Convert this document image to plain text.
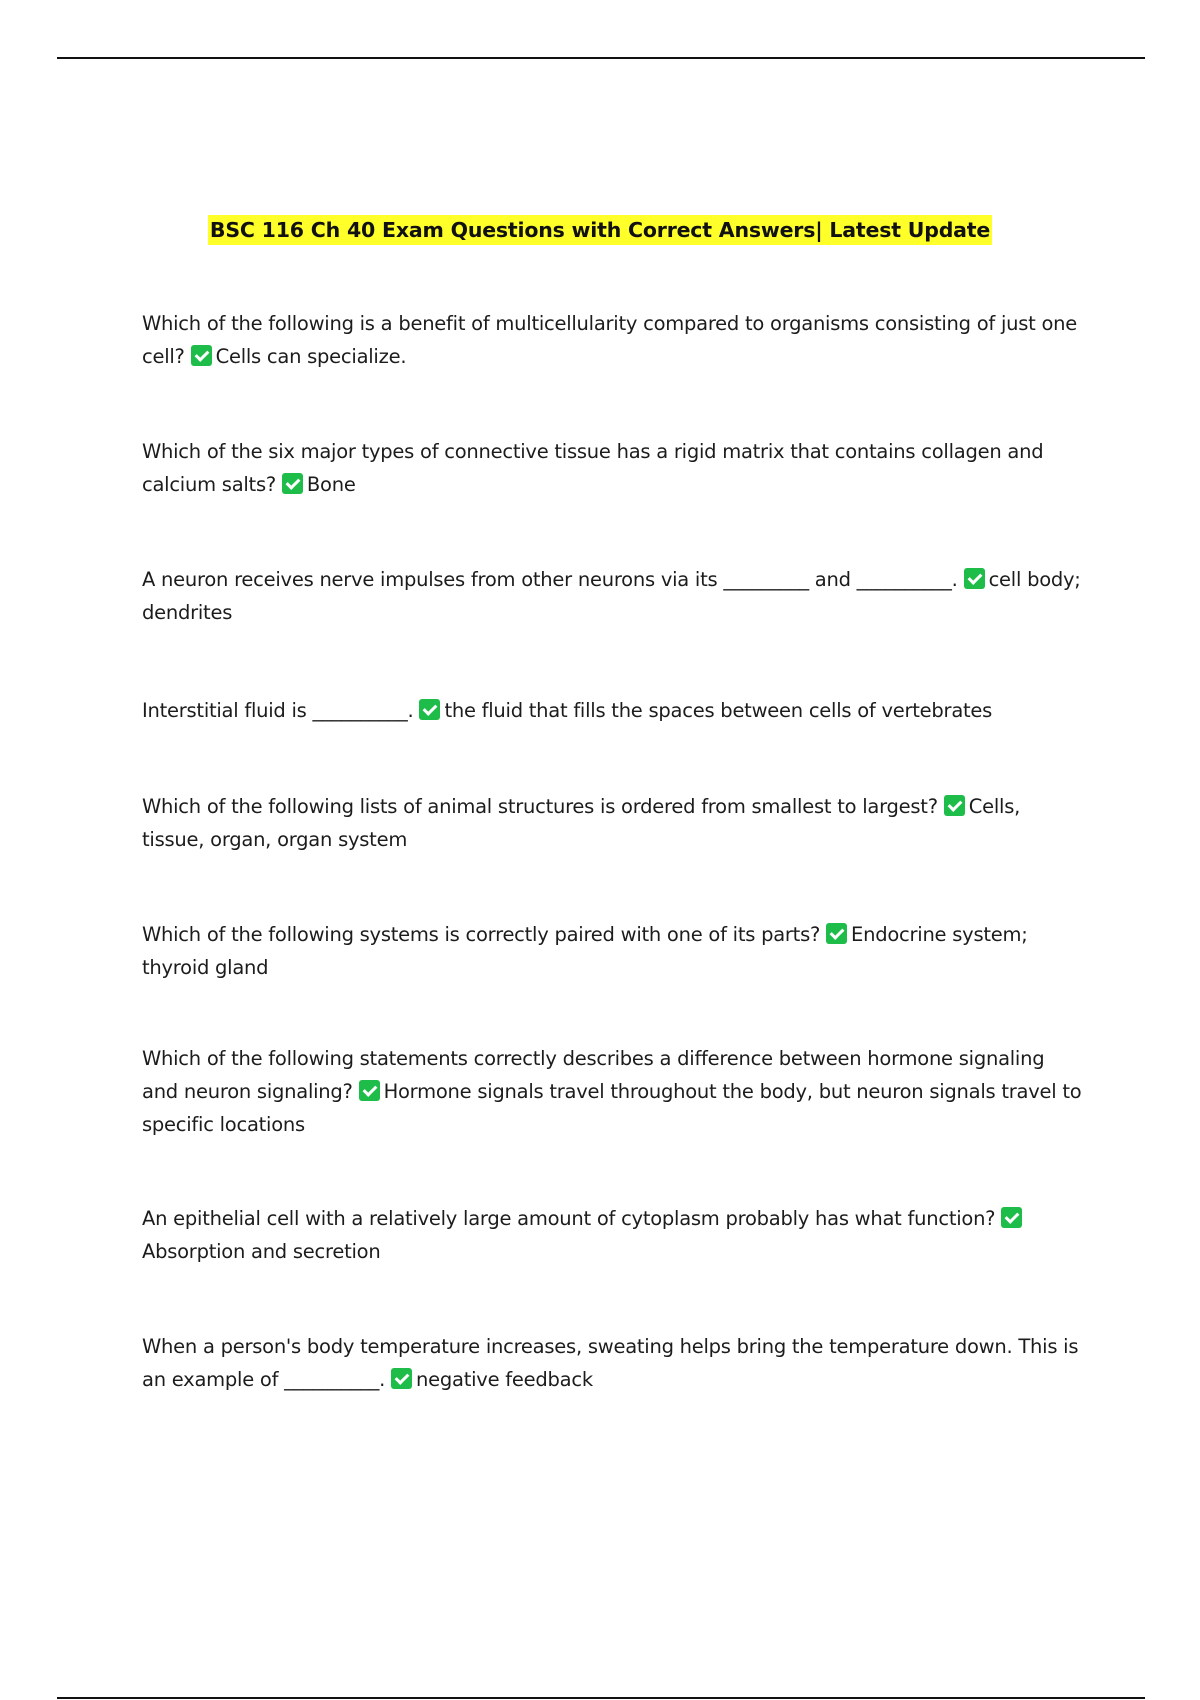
BSC 116 Ch 40 Exam Questions with Correct Answers| Latest Update
Which of the following is a benefit of multicellularity compared to organisms consisting of just one cell? Cells can specialize.
Which of the six major types of connective tissue has a rigid matrix that contains collagen and calcium salts? Bone
A neuron receives nerve impulses from other neurons via its _________ and __________. cell body; dendrites
Interstitial fluid is __________. the fluid that fills the spaces between cells of vertebrates
Which of the following lists of animal structures is ordered from smallest to largest? Cells, tissue, organ, organ system
Which of the following systems is correctly paired with one of its parts? Endocrine system; thyroid gland
Which of the following statements correctly describes a difference between hormone signaling and neuron signaling? Hormone signals travel throughout the body, but neuron signals travel to specific locations
An epithelial cell with a relatively large amount of cytoplasm probably has what function? Absorption and secretion
When a person's body temperature increases, sweating helps bring the temperature down. This is an example of __________. negative feedback
